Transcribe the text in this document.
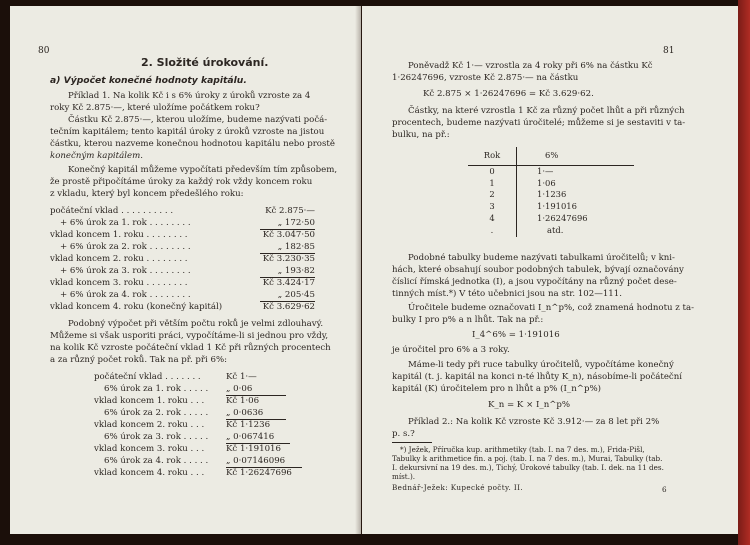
80
2. Složité úrokování.
a) Výpočet konečné hodnoty kapitálu.
Příklad 1. Na kolik Kč i s 6% úroky z úroků vzroste za 4
roky Kč 2.875·—, které uložíme počátkem roku?
Částku Kč 2.875·—, kterou uložíme, budeme nazývati počá-
tečním kapitálem; tento kapitál úroky z úroků vzroste na jistou
částku, kterou nazveme konečnou hodnotou kapitálu nebo prostě
konečným kapitálem.
Konečný kapitál můžeme vypočítati především tím způsobem,
že prostě připočítáme úroky za každý rok vždy koncem roku
z vkladu, který byl koncem předešlého roku:
počáteční vklad . . . . . . . . . .	Kč 2.875·—
+ 6% úrok za 1. rok . . . . . . . .	„ 172·50
vklad koncem 1. roku . . . . . . . .	Kč 3.047·50
+ 6% úrok za 2. rok . . . . . . . .	„ 182·85
vklad koncem 2. roku . . . . . . . .	Kč 3.230·35
+ 6% úrok za 3. rok . . . . . . . .	„ 193·82
vklad koncem 3. roku . . . . . . . .	Kč 3.424·17
+ 6% úrok za 4. rok . . . . . . . .	„ 205·45
vklad koncem 4. roku (konečný kapitál)	Kč 3.629·62
Podobný výpočet při větším počtu roků je velmi zdlouhavý.
Můžeme si však usporiti práci, vypočítáme-li si jednou pro vždy,
na kolik Kč vzroste počáteční vklad 1 Kč při různých procentech
a za různý počet roků. Tak na př. při 6%:
počáteční vklad . . . . . . .	Kč 1·—
6% úrok za 1. rok . . . . . „ 0·06
vklad koncem 1. roku . . .	Kč 1·06
6% úrok za 2. rok . . . . . „ 0·0636
vklad koncem 2. roku . . .	Kč 1·1236
6% úrok za 3. rok . . . . . „ 0·067416
vklad koncem 3. roku . . .	Kč 1·191016
6% úrok za 4. rok . . . . . „ 0·07146096
vklad koncem 4. roku . . .	Kč 1·26247696
81
Poněvadž Kč 1·— vzrostla za 4 roky při 6% na částku Kč
1·26247696, vzroste Kč 2.875·— na částku
Kč 2.875 × 1·26247696 = Kč 3.629·62.
Částky, na které vzrostla 1 Kč za různý počet lhůt a při různých
procentech, budeme nazývati úročitelé; můžeme si je sestaviti v ta-
bulku, na př.:
Rok	6%
0	1·—
1	1·06
2	1·1236
3	1·191016
4	1·26247696
.	atd.
Podobné tabulky budeme nazývati tabulkami úročitelů; v kni-
hách, které obsahují soubor podobných tabulek, bývají označovány
číslicí římská jednotka (I), a jsou vypočítány na různý počet dese-
tinných míst.*) V této učebnici jsou na str. 102—111.
Úročitele budeme označovati I_n^p%, což znamená hodnotu z ta-
bulky I pro p% a n lhůt. Tak na př.:
I_4^6% = 1·191016
je úročitel pro 6% a 3 roky.
Máme-li tedy při ruce tabulky úročitelů, vypočítáme konečný
kapitál (t. j. kapitál na konci n-té lhůty K_n), násobíme-li počáteční
kapitál (K) úročitelem pro n lhůt a p% (I_n^p%)
K_n = K × I_n^p%
Příklad 2.: Na kolik Kč vzroste Kč 3.912·— za 8 let při 2%
p. s.?
*) Ježek, Příručka kup. arithmetiky (tab. I. na 7 des. m.), Frida-Pišl,
Tabulky k arithmetice fin. a poj. (tab. I. na 7 des. m.), Murai, Tabulky (tab.
I. dekursivní na 19 des. m.), Tichý, Úrokové tabulky (tab. I. dek. na 11 des.
míst.).
Bednář-Ježek: Kupecké počty. II.	6
